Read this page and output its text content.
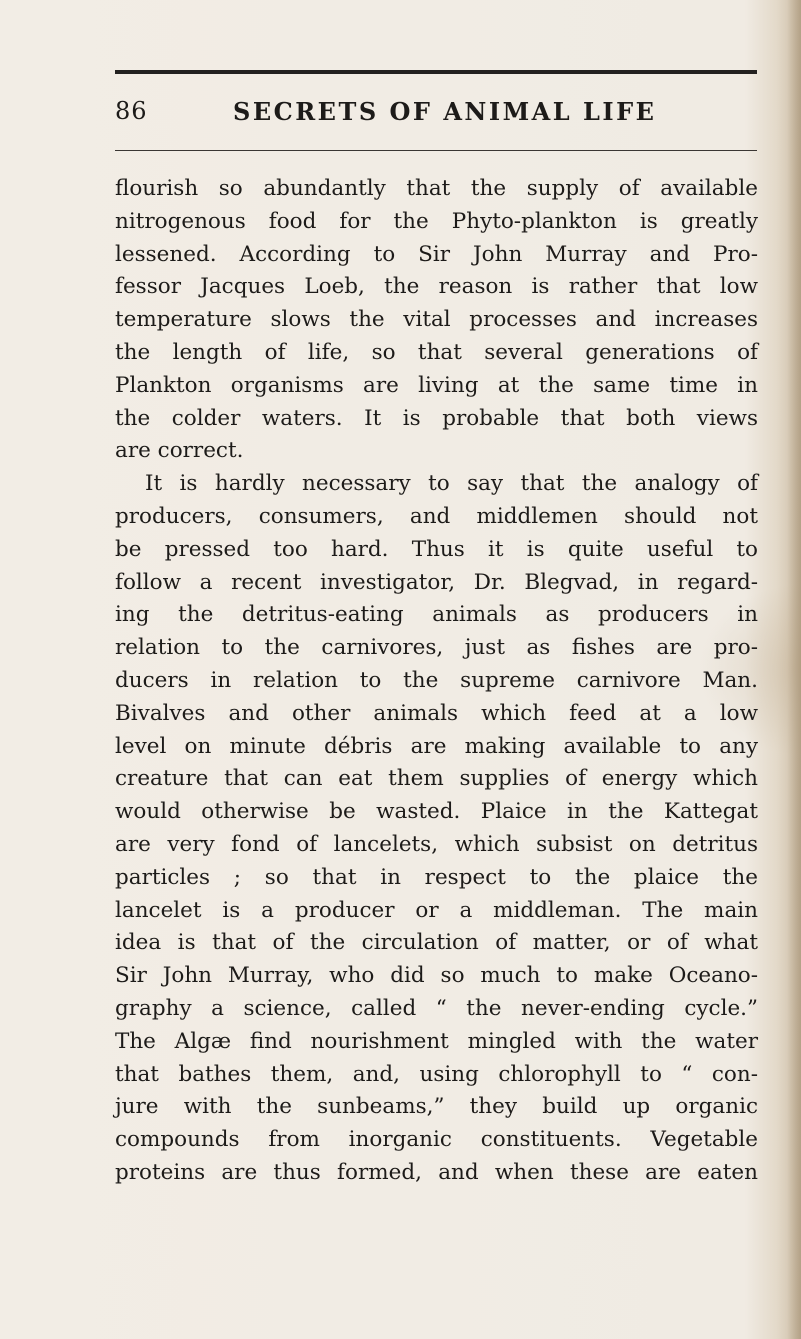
86	SECRETS OF ANIMAL LIFE
flourish so abundantly that the supply of available
nitrogenous food for the Phyto-plankton is greatly
lessened. According to Sir John Murray and Pro-
fessor Jacques Loeb, the reason is rather that low
temperature slows the vital processes and increases
the length of life, so that several generations of
Plankton organisms are living at the same time in
the colder waters. It is probable that both views
are correct.
It is hardly necessary to say that the analogy of
producers, consumers, and middlemen should not
be pressed too hard. Thus it is quite useful to
follow a recent investigator, Dr. Blegvad, in regard-
ing the detritus-eating animals as producers in
relation to the carnivores, just as fishes are pro-
ducers in relation to the supreme carnivore Man.
Bivalves and other animals which feed at a low
level on minute débris are making available to any
creature that can eat them supplies of energy which
would otherwise be wasted. Plaice in the Kattegat
are very fond of lancelets, which subsist on detritus
particles ; so that in respect to the plaice the
lancelet is a producer or a middleman. The main
idea is that of the circulation of matter, or of what
Sir John Murray, who did so much to make Oceano-
graphy a science, called “ the never-ending cycle.”
The Algæ find nourishment mingled with the water
that bathes them, and, using chlorophyll to “ con-
jure with the sunbeams,” they build up organic
compounds from inorganic constituents. Vegetable
proteins are thus formed, and when these are eaten
